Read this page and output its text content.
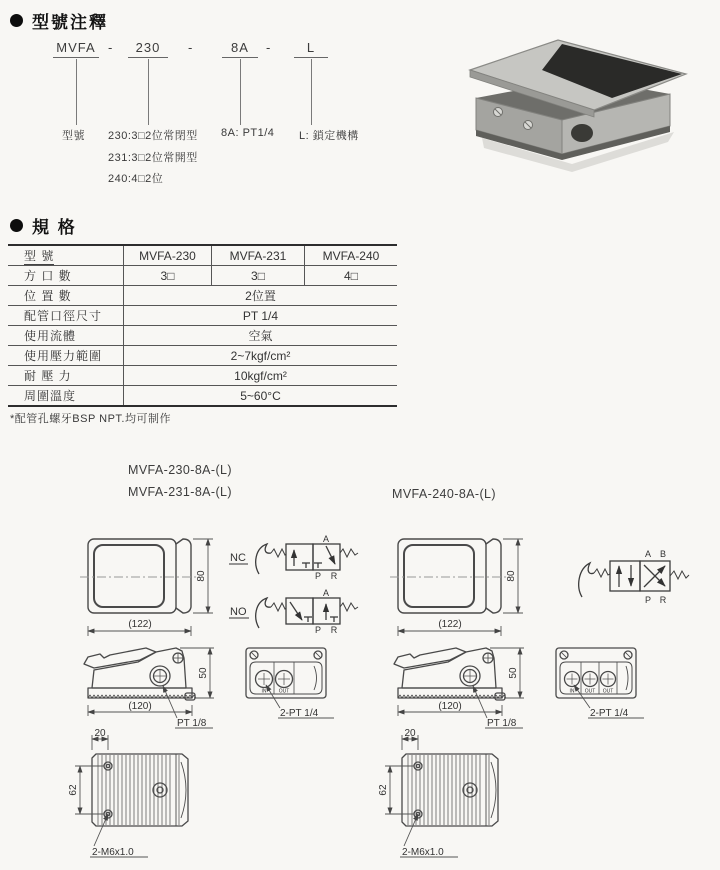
型號注釋
MVFA -	230	-	8A	-	L
型號 230:3□2位常閉型
231:3□2位常開型
240:4□2位
8A: PT1/4 L: 鎖定機構
規 格
型 號	MVFA-230	MVFA-231	MVFA-240
方 口 數	3□	3□	4□
位 置 數	2位置		
配管口徑尺寸	PT 1/4		
使用流體	空氣		
使用壓力範圍	2~7kgf/cm²		
耐 壓 力	10kgf/cm²		
周圍溫度	5~60°C		
*配管孔螺牙BSP NPT.均可制作
MVFA-230-8A-(L)
MVFA-231-8A-(L)	MVFA-240-8A-(L)
80
(122)
NC
A
P R
NO
A
P R
50
(120)
PT 1/8
IN OUT
2-PT 1/4
20
62
2-M6x1.0
80
(122)
A B
P R
50
(120)
PT 1/8
IN OUT OUT
2-PT 1/4
20
62
2-M6x1.0
